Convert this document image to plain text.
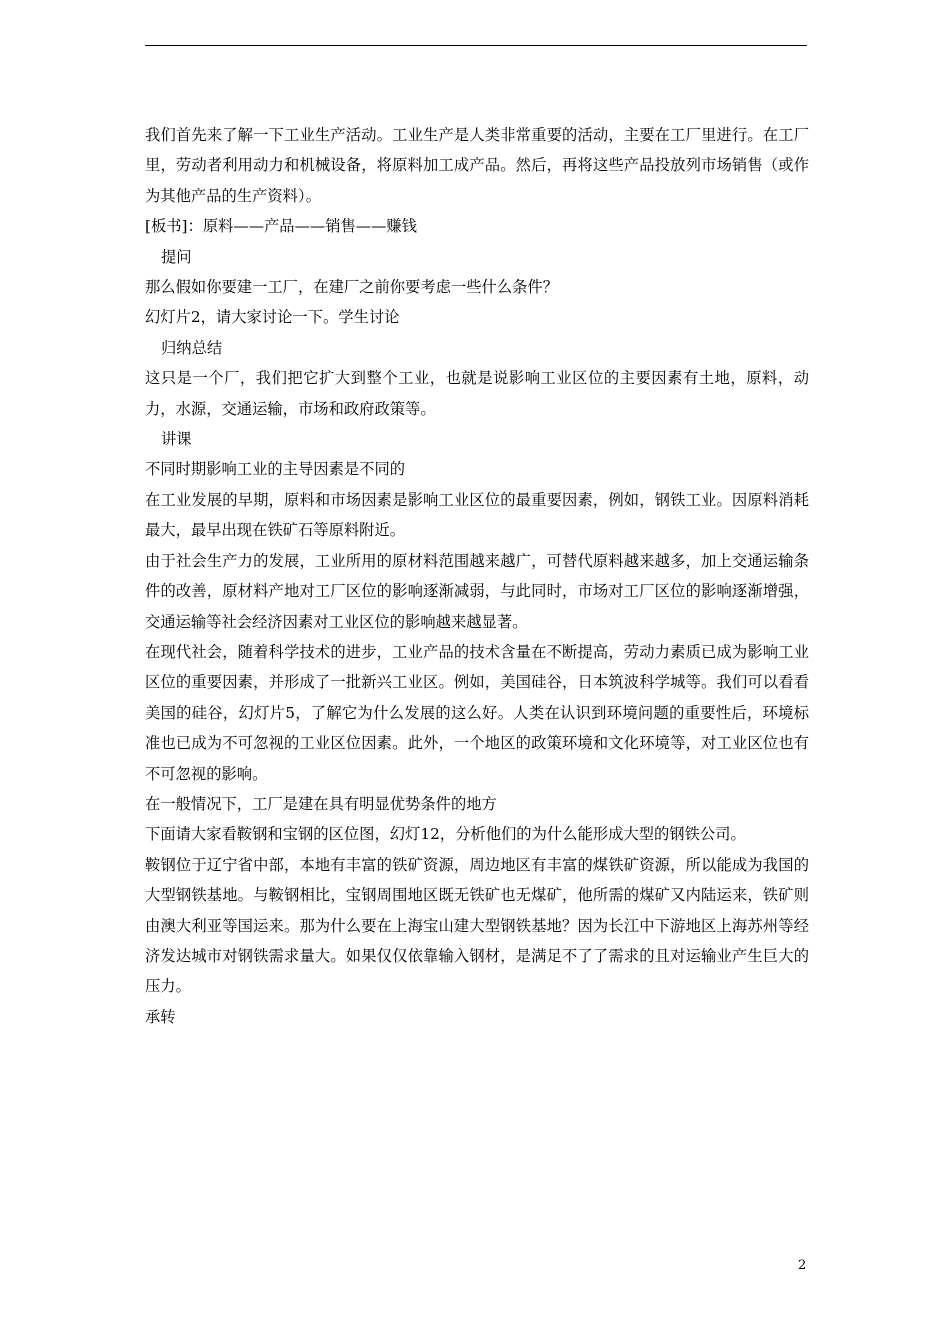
我们首先来了解一下工业生产活动。工业生产是人类非常重要的活动，主要在工厂里进行。在工厂里，劳动者利用动力和机械设备，将原料加工成产品。然后，再将这些产品投放列市场销售（或作为其他产品的生产资料）。

[板书]：原料——产品——销售——赚钱

提问

那么假如你要建一工厂，在建厂之前你要考虑一些什么条件？

幻灯片2，请大家讨论一下。学生讨论

归纳总结

这只是一个厂，我们把它扩大到整个工业，也就是说影响工业区位的主要因素有土地，原料，动力，水源，交通运输，市场和政府政策等。

讲课

不同时期影响工业的主导因素是不同的

在工业发展的早期，原料和市场因素是影响工业区位的最重要因素，例如，钢铁工业。因原料消耗最大，最早出现在铁矿石等原料附近。

由于社会生产力的发展，工业所用的原材料范围越来越广，可替代原料越来越多，加上交通运输条件的改善，原材料产地对工厂区位的影响逐渐减弱，与此同时，市场对工厂区位的影响逐渐增强，交通运输等社会经济因素对工业区位的影响越来越显著。

在现代社会，随着科学技术的进步，工业产品的技术含量在不断提高，劳动力素质已成为影响工业区位的重要因素，并形成了一批新兴工业区。例如，美国硅谷，日本筑波科学城等。我们可以看看美国的硅谷，幻灯片5，了解它为什么发展的这么好。人类在认识到环境问题的重要性后，环境标准也已成为不可忽视的工业区位因素。此外，一个地区的政策环境和文化环境等，对工业区位也有不可忽视的影响。

在一般情况下，工厂是建在具有明显优势条件的地方

下面请大家看鞍钢和宝钢的区位图，幻灯12，分析他们的为什么能形成大型的钢铁公司。

鞍钢位于辽宁省中部，本地有丰富的铁矿资源，周边地区有丰富的煤铁矿资源，所以能成为我国的大型钢铁基地。与鞍钢相比，宝钢周围地区既无铁矿也无煤矿，他所需的煤矿又内陆运来，铁矿则由澳大利亚等国运来。那为什么要在上海宝山建大型钢铁基地？因为长江中下游地区上海苏州等经济发达城市对钢铁需求量大。如果仅仅依靠输入钢材，是满足不了了需求的且对运输业产生巨大的压力。

承转

2
